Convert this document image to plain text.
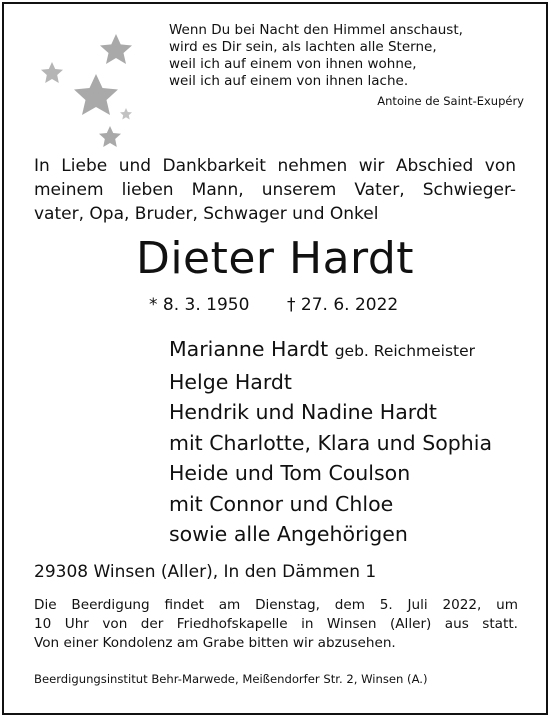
Wenn Du bei Nacht den Himmel anschaust,
wird es Dir sein, als lachten alle Sterne,
weil ich auf einem von ihnen wohne,
weil ich auf einem von ihnen lache.
Antoine de Saint-Exupéry
In Liebe und Dankbarkeit nehmen wir Abschied von
meinem lieben Mann, unserem Vater, Schwieger-
vater, Opa, Bruder, Schwager und Onkel
Dieter Hardt
* 8. 3. 1950 † 27. 6. 2022
Marianne Hardt geb. Reichmeister
Helge Hardt
Hendrik und Nadine Hardt
mit Charlotte, Klara und Sophia
Heide und Tom Coulson
mit Connor und Chloe
sowie alle Angehörigen
29308 Winsen (Aller), In den Dämmen 1
Die Beerdigung findet am Dienstag, dem 5. Juli 2022, um
10 Uhr von der Friedhofskapelle in Winsen (Aller) aus statt.
Von einer Kondolenz am Grabe bitten wir abzusehen.
Beerdigungsinstitut Behr-Marwede, Meißendorfer Str. 2, Winsen (A.)
